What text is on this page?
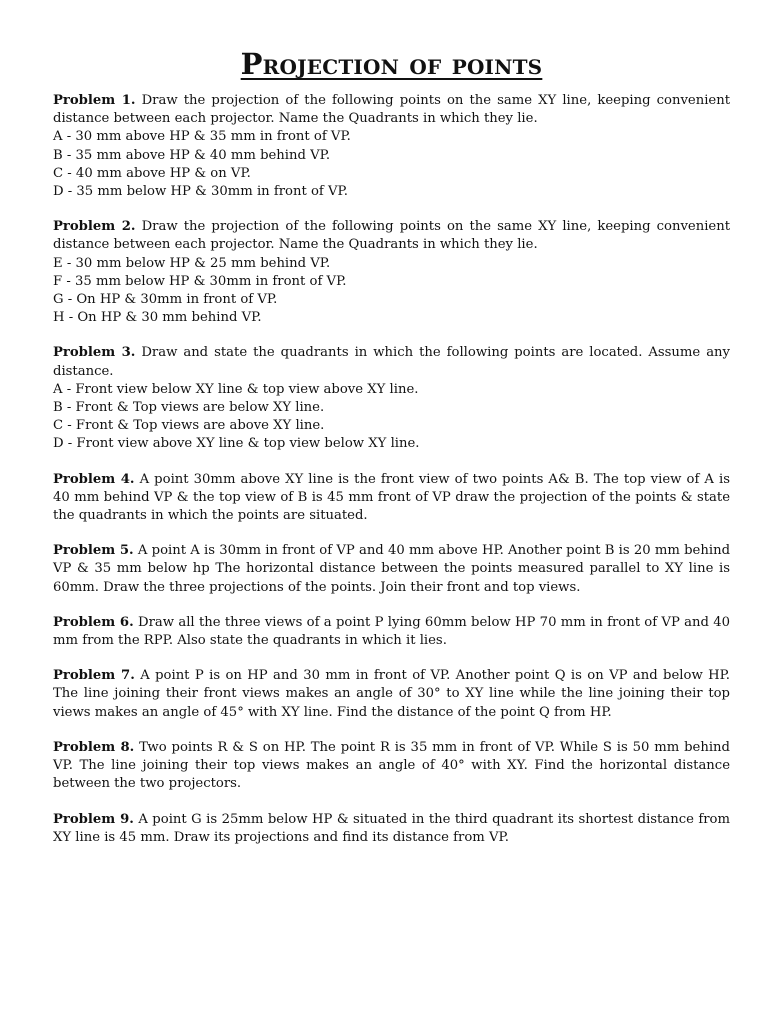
Projection of points

Problem 1. Draw the projection of the following points on the same XY line, keeping convenient distance between each projector. Name the Quadrants in which they lie.

A - 30 mm above HP & 35 mm in front of VP.
B - 35 mm above HP & 40 mm behind VP.
C - 40 mm above HP & on VP.
D - 35 mm below HP & 30mm in front of VP.

Problem 2. Draw the projection of the following points on the same XY line, keeping convenient distance between each projector. Name the Quadrants in which they lie.

E - 30 mm below HP & 25 mm behind VP.
F - 35 mm below HP & 30mm in front of VP.
G - On HP & 30mm in front of VP.
H - On HP & 30 mm behind VP.

Problem 3. Draw and state the quadrants in which the following points are located. Assume any distance.

A - Front view below XY line & top view above XY line.
B - Front & Top views are below XY line.
C - Front & Top views are above XY line.
D - Front view above XY line & top view below XY line.

Problem 4. A point 30mm above XY line is the front view of two points A& B. The top view of A is 40 mm behind VP & the top view of B is 45 mm front of VP draw the projection of the points & state the quadrants in which the points are situated.

Problem 5. A point A is 30mm in front of VP and 40 mm above HP. Another point B is 20 mm behind VP & 35 mm below hp The horizontal distance between the points measured parallel to XY line is 60mm. Draw the three projections of the points. Join their front and top views.

Problem 6. Draw all the three views of a point P lying 60mm below HP 70 mm in front of VP and 40 mm from the RPP. Also state the quadrants in which it lies.

Problem 7. A point P is on HP and 30 mm in front of VP. Another point Q is on VP and below HP. The line joining their front views makes an angle of 30° to XY line while the line joining their top views makes an angle of 45° with XY line. Find the distance of the point Q from HP.

Problem 8. Two points R & S on HP. The point R is 35 mm in front of VP. While S is 50 mm behind VP. The line joining their top views makes an angle of 40° with XY. Find the horizontal distance between the two projectors.

Problem 9. A point G is 25mm below HP & situated in the third quadrant its shortest distance from XY line is 45 mm. Draw its projections and find its distance from VP.
